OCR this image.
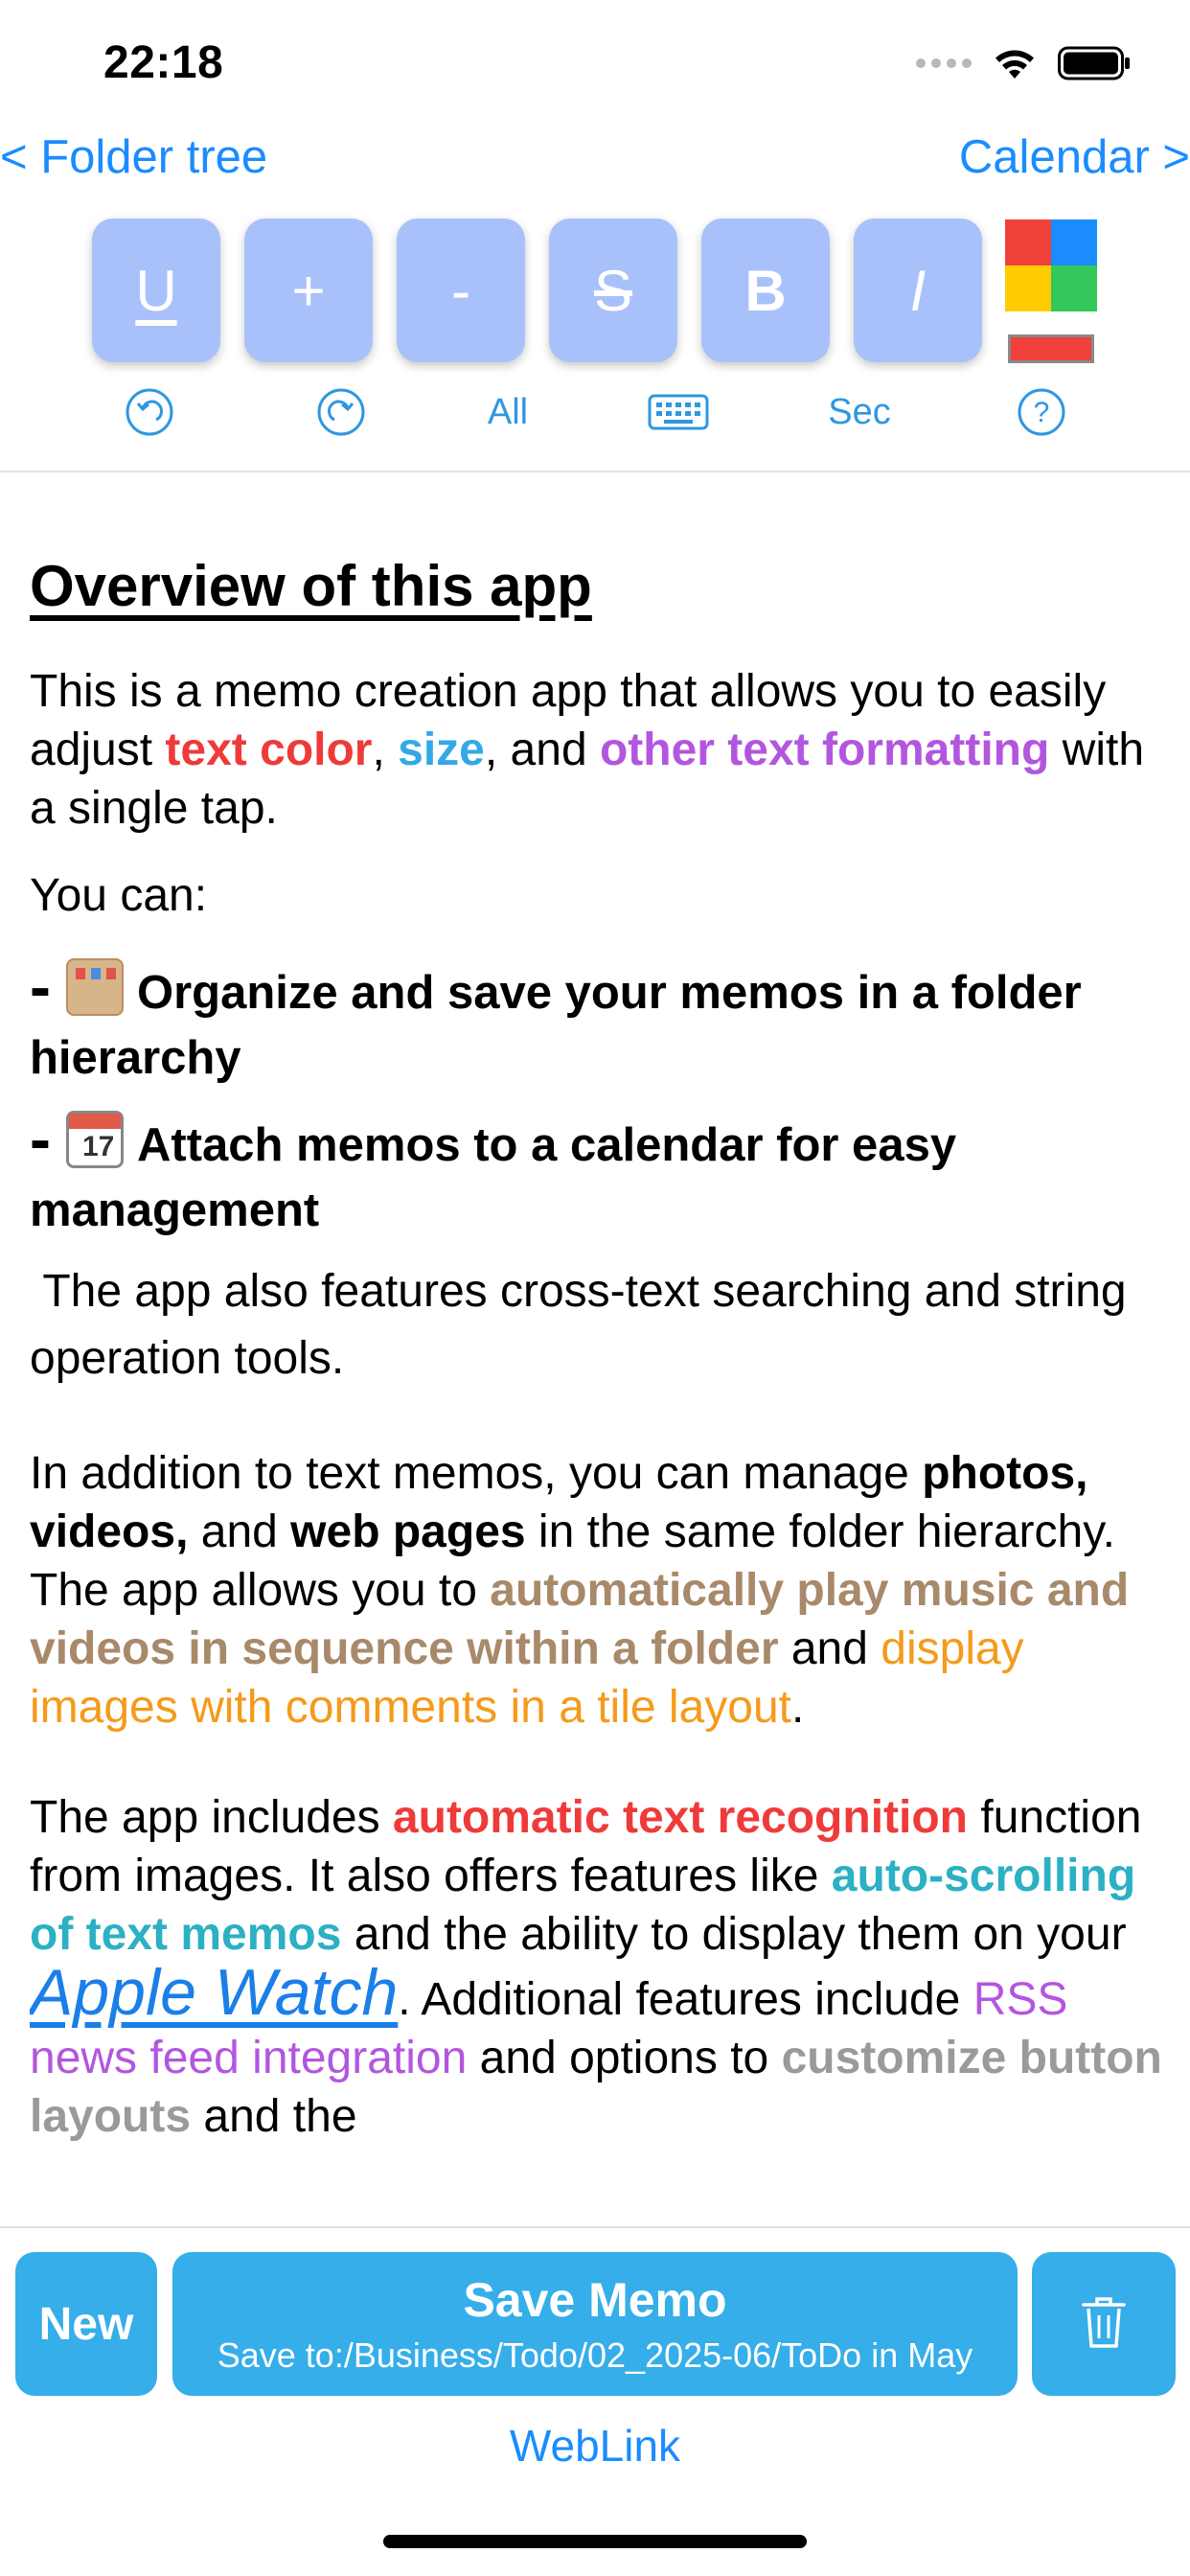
22:18
< Folder tree	Calendar >
U + - S B I
All	Sec	?

Overview of this app

This is a memo creation app that allows you to easily adjust text color, size, and other text formatting with a single tap.

You can:

- Organize and save your memos in a folder hierarchy

- 17 Attach memos to a calendar for easy management

The app also features cross-text searching and string operation tools.

In addition to text memos, you can manage photos, videos, and web pages in the same folder hierarchy. The app allows you to automatically play music and videos in sequence within a folder and display images with comments in a tile layout.

The app includes automatic text recognition function from images. It also offers features like auto-scrolling of text memos and the ability to display them on your Apple Watch. Additional features include RSS news feed integration and options to customize button layouts and the

New	Save Memo
Save to:/Business/Todo/02_2025-06/ToDo in May
WebLink
